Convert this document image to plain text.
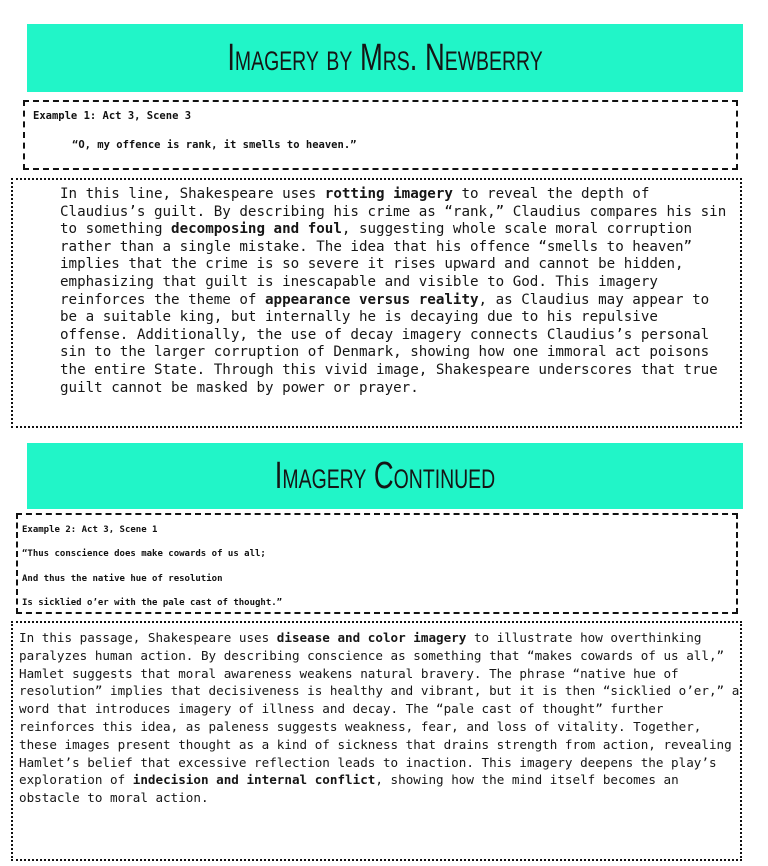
Imagery by Mrs. Newberry
Example 1: Act 3, Scene 3
“O, my offence is rank, it smells to heaven.”

In this line, Shakespeare uses rotting imagery to reveal the depth of Claudius’s guilt. By describing his crime as “rank,” Claudius compares his sin to something decomposing and foul, suggesting whole scale moral corruption rather than a single mistake. The idea that his offence “smells to heaven” implies that the crime is so severe it rises upward and cannot be hidden, emphasizing that guilt is inescapable and visible to God. This imagery reinforces the theme of appearance versus reality, as Claudius may appear to be a suitable king, but internally he is decaying due to his repulsive offense. Additionally, the use of decay imagery connects Claudius’s personal sin to the larger corruption of Denmark, showing how one immoral act poisons the entire State. Through this vivid image, Shakespeare underscores that true guilt cannot be masked by power or prayer.

Imagery Continued
Example 2: Act 3, Scene 1
“Thus conscience does make cowards of us all;
And thus the native hue of resolution
Is sicklied o’er with the pale cast of thought.”

In this passage, Shakespeare uses disease and color imagery to illustrate how overthinking paralyzes human action. By describing conscience as something that “makes cowards of us all,” Hamlet suggests that moral awareness weakens natural bravery. The phrase “native hue of resolution” implies that decisiveness is healthy and vibrant, but it is then “sicklied o’er,” a word that introduces imagery of illness and decay. The “pale cast of thought” further reinforces this idea, as paleness suggests weakness, fear, and loss of vitality. Together, these images present thought as a kind of sickness that drains strength from action, revealing Hamlet’s belief that excessive reflection leads to inaction. This imagery deepens the play’s exploration of indecision and internal conflict, showing how the mind itself becomes an obstacle to moral action.
